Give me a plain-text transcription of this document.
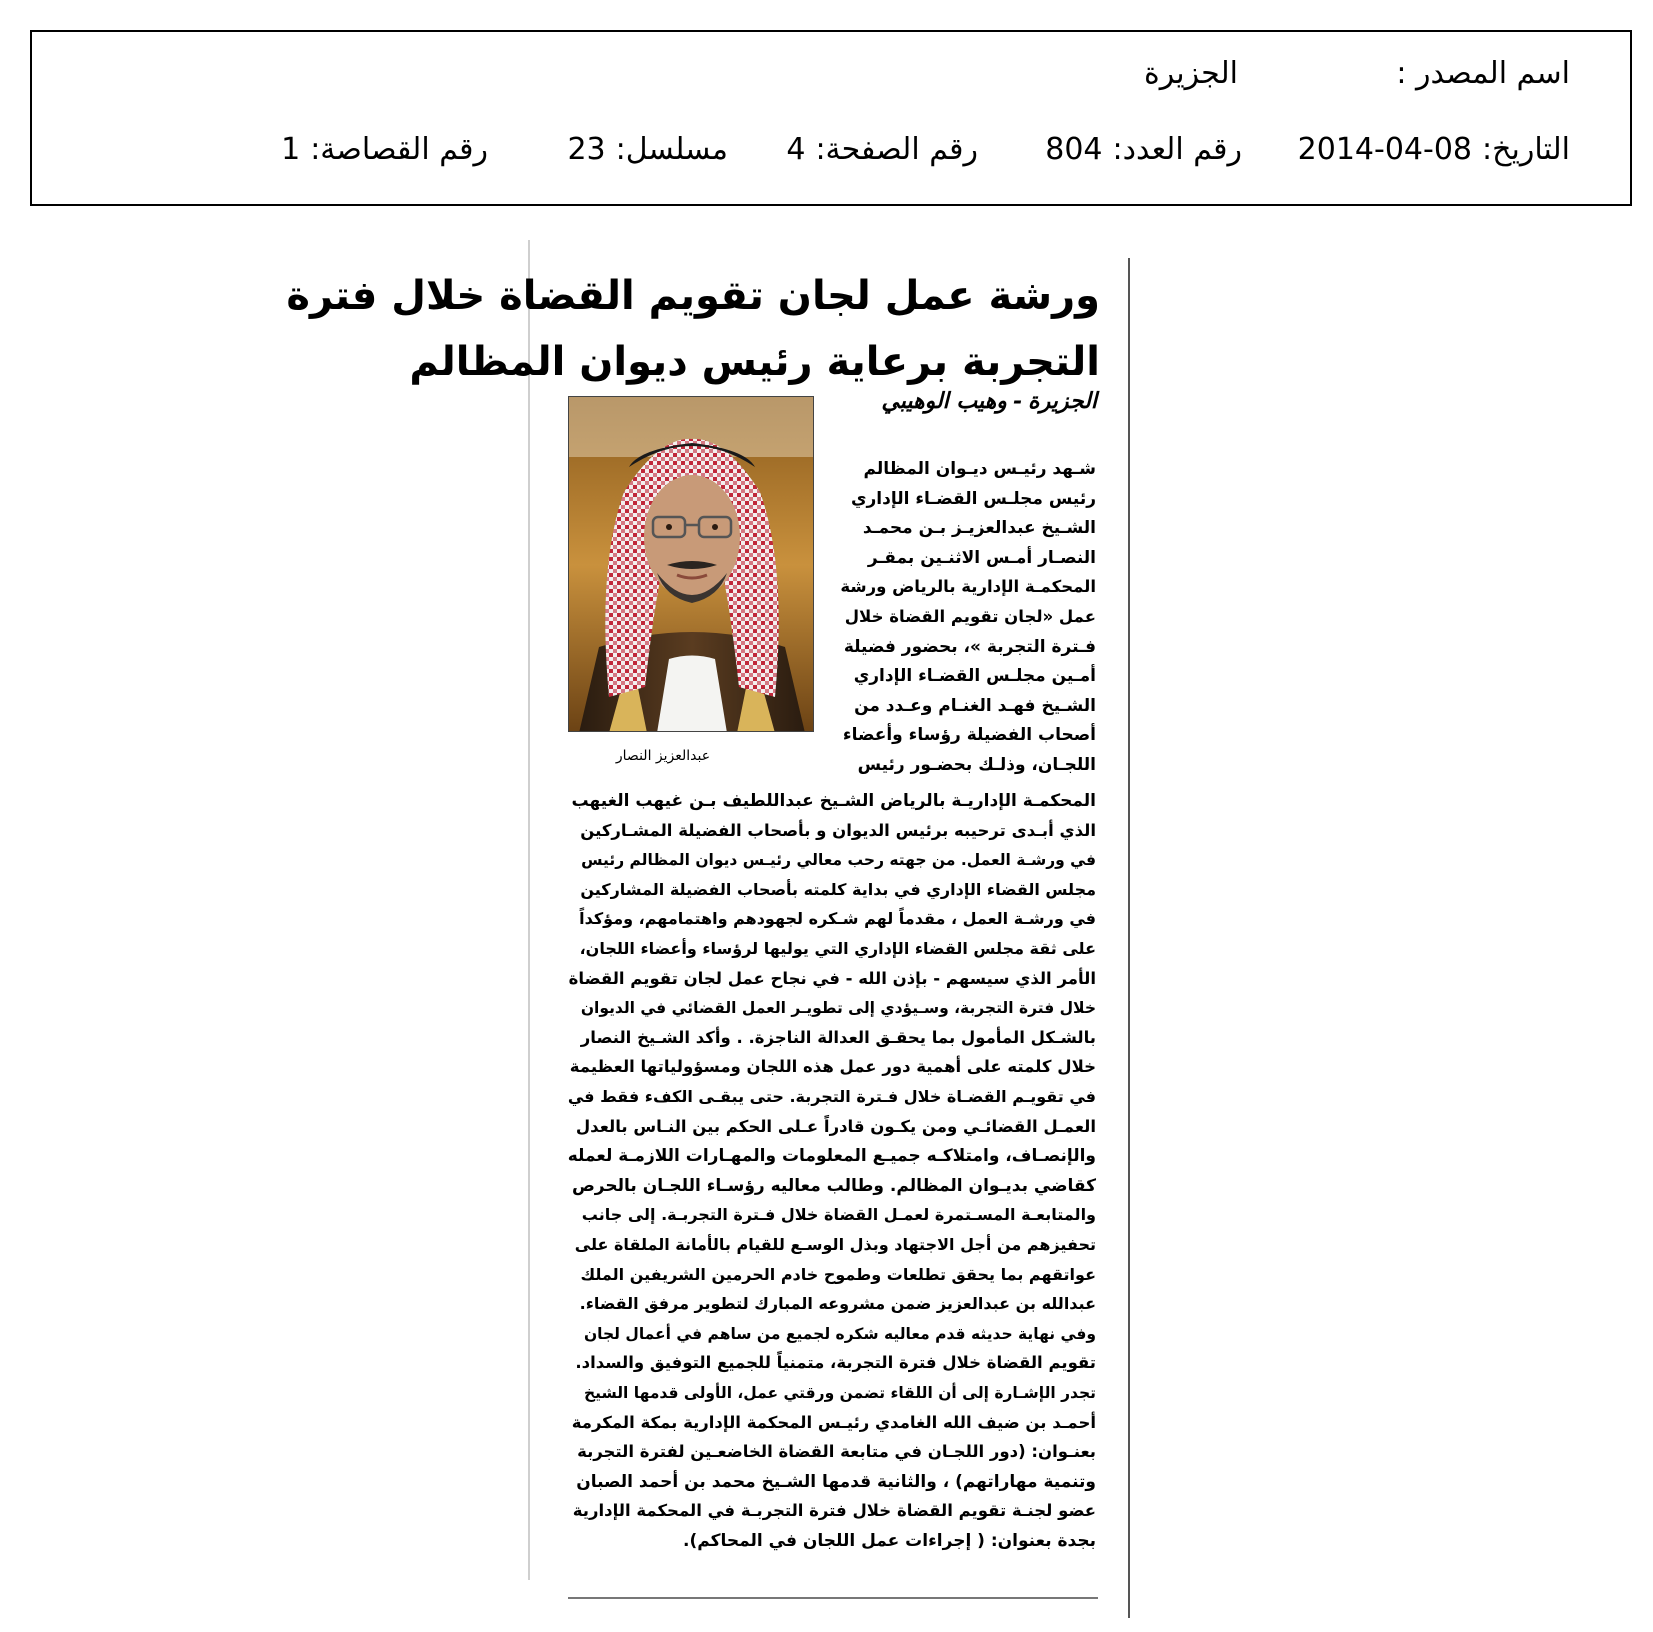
اسم المصدر :
الجزيرة
التاريخ:2014-04-08
رقم العدد:804
رقم الصفحة:4
مسلسل:23
رقم القصاصة:1
ورشة عمل لجان تقويم القضاة خلال فترة
التجربة برعاية رئيس ديوان المظالم
الجزيرة-وهيب الوهيبي
عبدالعزيز النصار
شـهد رئيـس ديـوان المظالم
رئيس مجلـس القضـاء الإداري
الشـيخ عبدالعزيـز بـن محمـد
النصـار أمـس الاثنـين بمقـر
المحكمـة الإدارية بالرياض ورشة
عمل «لجان تقويم القضاة خلال
فـترة التجربة »، بحضور فضيلة
أمـين مجلـس القضـاء الإداري
الشـيخ فهـد الغنـام وعـدد من
أصحاب الفضيلة رؤساء وأعضاء
اللجـان، وذلـك بحضـور رئيس
المحكمـة الإداريـة بالرياض الشـيخ عبداللطيف بـن غيهب الغيهب
الذي أبـدى ترحيبه برئيس الديوان و بأصحاب الفضيلة المشـاركين
في ورشـة العمل. من جهته رحب معالي رئيـس ديوان المظالم رئيس
مجلس القضاء الإداري في بداية كلمته بأصحاب الفضيلة المشاركين
في ورشـة العمل ، مقدماً لهم شـكره لجهودهم واهتمامهم، ومؤكداً
على ثقة مجلس القضاء الإداري التي يوليها لرؤساء وأعضاء اللجان،
الأمر الذي سيسهم - بإذن الله - في نجاح عمل لجان تقويم القضاة
خلال فترة التجربة، وسـيؤدي إلى تطويـر العمل القضائي في الديوان
بالشـكل المأمول بما يحقـق العدالة الناجزة. . وأكد الشـيخ النصار
خلال كلمته على أهمية دور عمل هذه اللجان ومسؤولياتها العظيمة
في تقويـم القضـاة خلال فـترة التجربة. حتى يبقـى الكفء فقط في
العمـل القضائـي ومن يكـون قادراً عـلى الحكم بين النـاس بالعدل
والإنصـاف، وامتلاكـه جميـع المعلومات والمهـارات اللازمـة لعمله
كقاضي بديـوان المظالم. وطالب معاليه رؤسـاء اللجـان بالحرص
والمتابعـة المسـتمرة لعمـل القضاة خلال فـترة التجربـة. إلى جانب
تحفيزهم من أجل الاجتهاد وبذل الوسـع للقيام بالأمانة الملقاة على
عواتقهم بما يحقق تطلعات وطموح خادم الحرمين الشريفين الملك
عبدالله بن عبدالعزيز ضمن مشروعه المبارك لتطوير مرفق القضاء.
وفي نهاية حديثه قدم معاليه شكره لجميع من ساهم في أعمال لجان
تقويم القضاة خلال فترة التجربة، متمنياً للجميع التوفيق والسداد.
تجدر الإشـارة إلى أن اللقاء تضمن ورقتي عمل، الأولى قدمها الشيخ
أحمـد بن ضيف الله الغامدي رئيـس المحكمة الإدارية بمكة المكرمة
بعنـوان: (دور اللجـان في متابعة القضاة الخاضعـين لفترة التجربة
وتنمية مهاراتهم) ، والثانية قدمها الشـيخ محمد بن أحمد الصبان
عضو لجنـة تقويم القضاة خلال فترة التجربـة في المحكمة الإدارية
بجدة بعنوان: ( إجراءات عمل اللجان في المحاكم).
